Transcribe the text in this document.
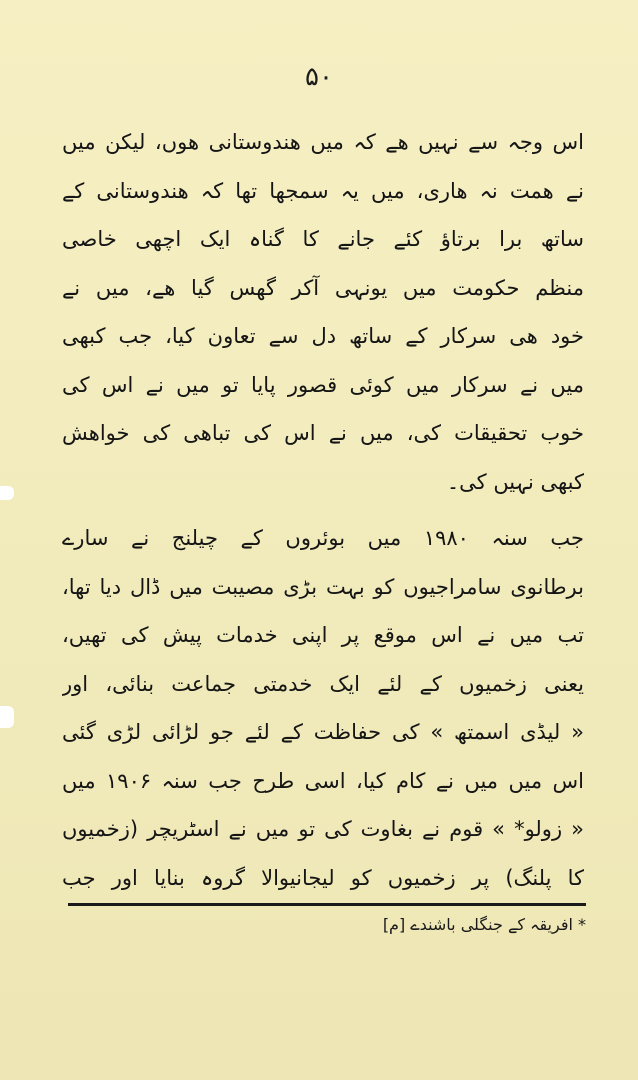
۵۰
اس وجہ سے نہیں ھے کہ میں ھندوستانی ھوں، لیکن میں
نے همت نہ هاری، میں یہ سمجھا تھا کہ ھندوستانی کے
ساتھ برا برتاؤ کئے جانے کا گناہ ایک اچھی خاصی
منظم حکومت میں یونہی آکر گھس گیا ھے، میں نے
خود ھی سرکار کے ساتھ دل سے تعاون کیا، جب کبھی
میں نے سرکار میں کوئی قصور پایا تو میں نے اس کی
خوب تحقیقات کی، میں نے اس کی تباھی کی خواهش
کبھی نہیں کی۔
جب سنہ ۱۹۸۰ میں بوئروں کے چیلنج نے سارے
برطانوی سامراجیوں کو بہت بڑی مصیبت میں ڈال دیا تھا،
تب میں نے اس موقع پر اپنی خدمات پیش کی تھیں،
یعنی زخمیوں کے لئے ایک خدمتی جماعت بنائی، اور
« لیڈی اسمتھ » کی حفاظت کے لئے جو لڑائی لڑی گئی
اس میں میں نے کام کیا، اسی طرح جب سنہ ۱۹۰۶ میں
« زولو* » قوم نے بغاوت کی تو میں نے اسٹریچر (زخمیوں
کا پلنگ) پر زخمیوں کو لیجانیوالا گروہ بنایا اور جب
* افریقہ کے جنگلی باشندے [م]
